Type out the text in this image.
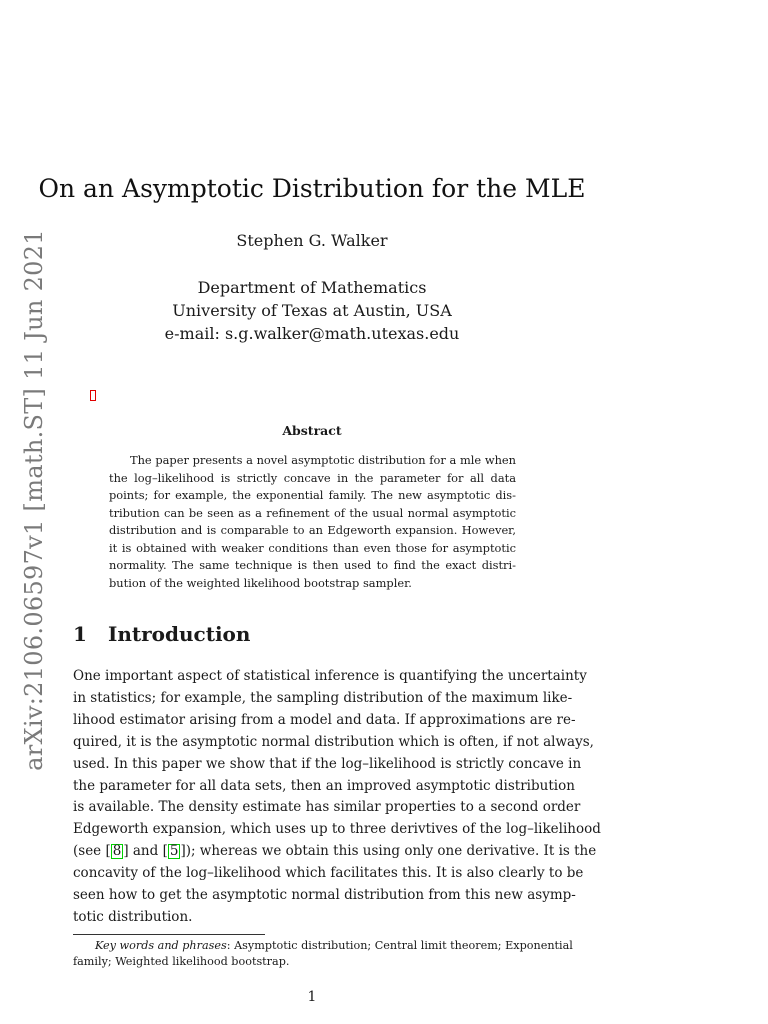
arXiv:2106.06597v1 [math.ST] 11 Jun 2021
On an Asymptotic Distribution for the MLE
Stephen G. Walker
Department of Mathematics
University of Texas at Austin, USA
e-mail: s.g.walker@math.utexas.edu
Abstract
The paper presents a novel asymptotic distribution for a mle when
the log–likelihood is strictly concave in the parameter for all data
points; for example, the exponential family. The new asymptotic dis-
tribution can be seen as a refinement of the usual normal asymptotic
distribution and is comparable to an Edgeworth expansion. However,
it is obtained with weaker conditions than even those for asymptotic
normality. The same technique is then used to find the exact distri-
bution of the weighted likelihood bootstrap sampler.
1 Introduction
One important aspect of statistical inference is quantifying the uncertainty
in statistics; for example, the sampling distribution of the maximum like-
lihood estimator arising from a model and data. If approximations are re-
quired, it is the asymptotic normal distribution which is often, if not always,
used. In this paper we show that if the log–likelihood is strictly concave in
the parameter for all data sets, then an improved asymptotic distribution
is available. The density estimate has similar properties to a second order
Edgeworth expansion, which uses up to three derivtives of the log–likelihood
(see [ 8 ] and [ 5 ]); whereas we obtain this using only one derivative. It is the
concavity of the log–likelihood which facilitates this. It is also clearly to be
seen how to get the asymptotic normal distribution from this new asymp-
totic distribution.
Key words and phrases: Asymptotic distribution; Central limit theorem; Exponential
family; Weighted likelihood bootstrap.
1
